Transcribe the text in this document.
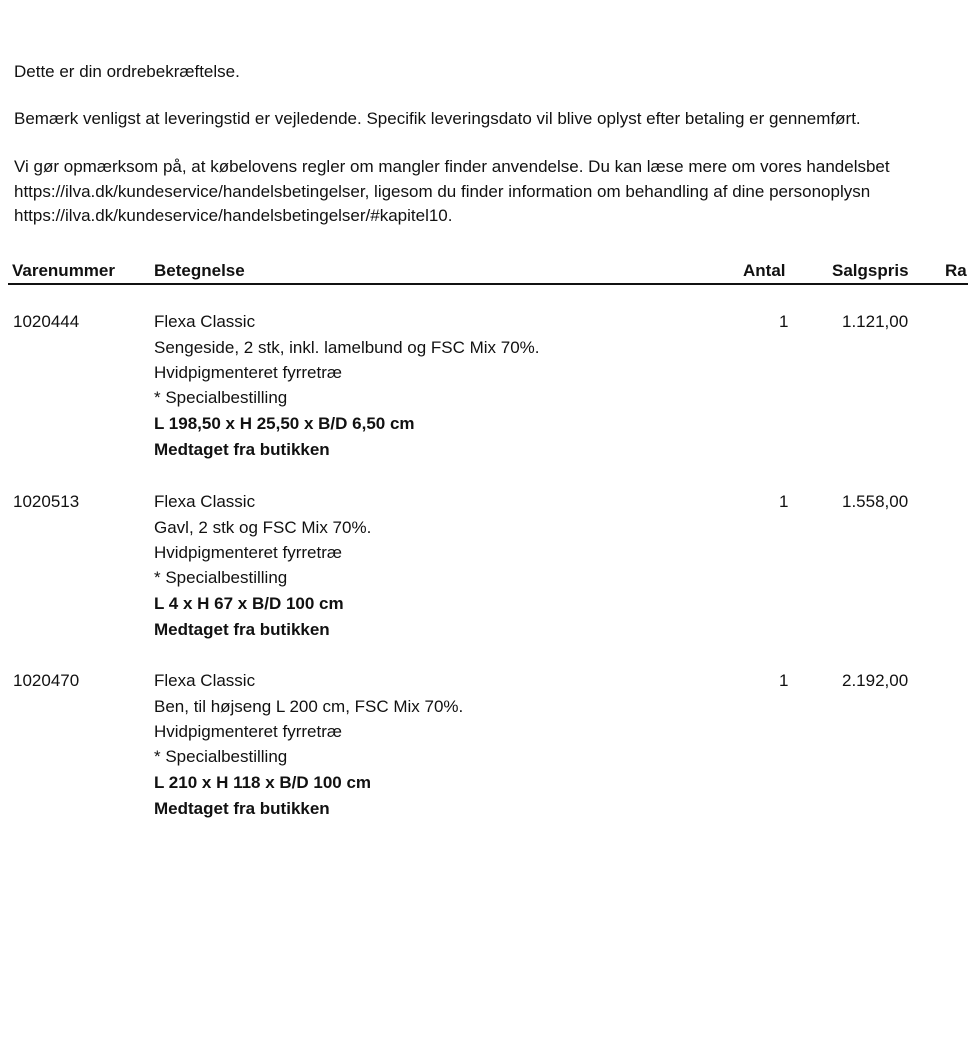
Dette er din ordrebekræftelse.
Bemærk venligst at leveringstid er vejledende. Specifik leveringsdato vil blive oplyst efter betaling er gennemført.
Vi gør opmærksom på, at købelovens regler om mangler finder anvendelse. Du kan læse mere om vores handelsbet
https://ilva.dk/kundeservice/handelsbetingelser, ligesom du finder information om behandling af dine personoplysn
https://ilva.dk/kundeservice/handelsbetingelser/#kapitel10.
Varenummer Betegnelse	Antal	Salgspris Ra
1020444	Flexa Classic	1	1.121,00
Sengeside, 2 stk, inkl. lamelbund og FSC Mix 70%.
Hvidpigmenteret fyrretræ
* Specialbestilling
L 198,50 x H 25,50 x B/D 6,50 cm
Medtaget fra butikken
1020513	Flexa Classic	1	1.558,00
Gavl, 2 stk og FSC Mix 70%.
Hvidpigmenteret fyrretræ
* Specialbestilling
L 4 x H 67 x B/D 100 cm
Medtaget fra butikken
1020470	Flexa Classic	1	2.192,00
Ben, til højseng L 200 cm, FSC Mix 70%.
Hvidpigmenteret fyrretræ
* Specialbestilling
L 210 x H 118 x B/D 100 cm
Medtaget fra butikken
